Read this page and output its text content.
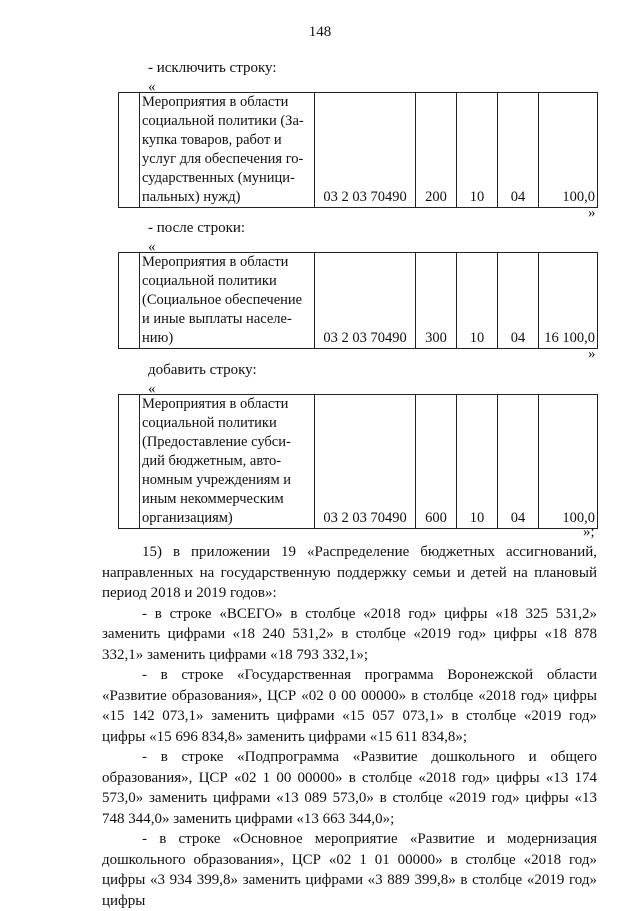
148
- исключить строку:
«

Мероприятия в области
социальной политики (За-
купка товаров, работ и
услуг для обеспечения го-
сударственных (муници-
пальных) нужд)	03 2 03 70490	200	10	04	100,0
»
- после строки:
«

Мероприятия в области
социальной политики
(Социальное обеспечение
и иные выплаты населе-
нию)	03 2 03 70490	300	10	04	16 100,0
»
добавить строку:
«

Мероприятия в области
социальной политики
(Предоставление субси-
дий бюджетным, авто-
номным учреждениям и
иным некоммерческим
организациям)	03 2 03 70490	600	10	04	100,0
»;

15) в приложении 19 «Распределение бюджетных ассигнований, направленных на государственную поддержку семьи и детей на плановый период 2018 и 2019 годов»:

- в строке «ВСЕГО» в столбце «2018 год» цифры «18 325 531,2» заменить цифрами «18 240 531,2» в столбце «2019 год» цифры «18 878 332,1» заменить цифрами «18 793 332,1»;

- в строке «Государственная программа Воронежской области «Развитие образования», ЦСР «02 0 00 00000» в столбце «2018 год» цифры «15 142 073,1» заменить цифрами «15 057 073,1» в столбце «2019 год» цифры «15 696 834,8» заменить цифрами «15 611 834,8»;

- в строке «Подпрограмма «Развитие дошкольного и общего образования», ЦСР «02 1 00 00000» в столбце «2018 год» цифры «13 174 573,0» заменить цифрами «13 089 573,0» в столбце «2019 год» цифры «13 748 344,0» заменить цифрами «13 663 344,0»;

- в строке «Основное мероприятие «Развитие и модернизация дошкольного образования», ЦСР «02 1 01 00000» в столбце «2018 год» цифры «3 934 399,8» заменить цифрами «3 889 399,8» в столбце «2019 год» цифры
